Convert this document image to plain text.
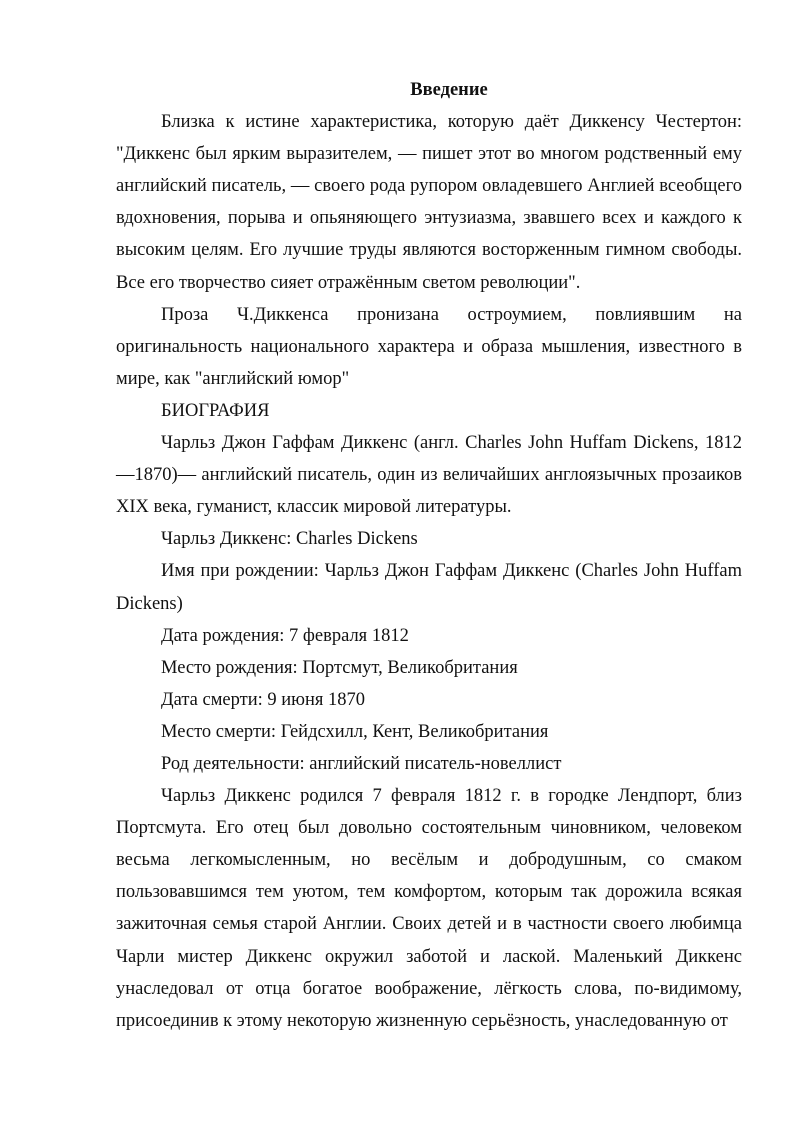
Введение

Близка к истине характеристика, которую даёт Диккенсу Честертон: "Диккенс был ярким выразителем, — пишет этот во многом родственный ему английский писатель, — своего рода рупором овладевшего Англией всеобщего вдохновения, порыва и опьяняющего энтузиазма, звавшего всех и каждого к высоким целям. Его лучшие труды являются восторженным гимном свободы. Все его творчество сияет отражённым светом революции".

Проза Ч.Диккенса пронизана остроумием, повлиявшим на оригинальность национального характера и образа мышления, известного в мире, как "английский юмор"

БИОГРАФИЯ

Чарльз Джон Гаффам Диккенс (англ. Charles John Huffam Dickens, 1812—1870)— английский писатель, один из величайших англоязычных прозаиков XIX века, гуманист, классик мировой литературы.

Чарльз Диккенс: Charles Dickens

Имя при рождении: Чарльз Джон Гаффам Диккенс (Charles John Huffam Dickens)

Дата рождения: 7 февраля 1812

Место рождения: Портсмут, Великобритания

Дата смерти: 9 июня 1870

Место смерти: Гейдсхилл, Кент, Великобритания

Род деятельности: английский писатель-новеллист

Чарльз Диккенс родился 7 февраля 1812 г. в городке Лендпорт, близ Портсмута. Его отец был довольно состоятельным чиновником, человеком весьма легкомысленным, но весёлым и добродушным, со смаком пользовавшимся тем уютом, тем комфортом, которым так дорожила всякая зажиточная семья старой Англии. Своих детей и в частности своего любимца Чарли мистер Диккенс окружил заботой и лаской. Маленький Диккенс унаследовал от отца богатое воображение, лёгкость слова, по-видимому, присоединив к этому некоторую жизненную серьёзность, унаследованную от
